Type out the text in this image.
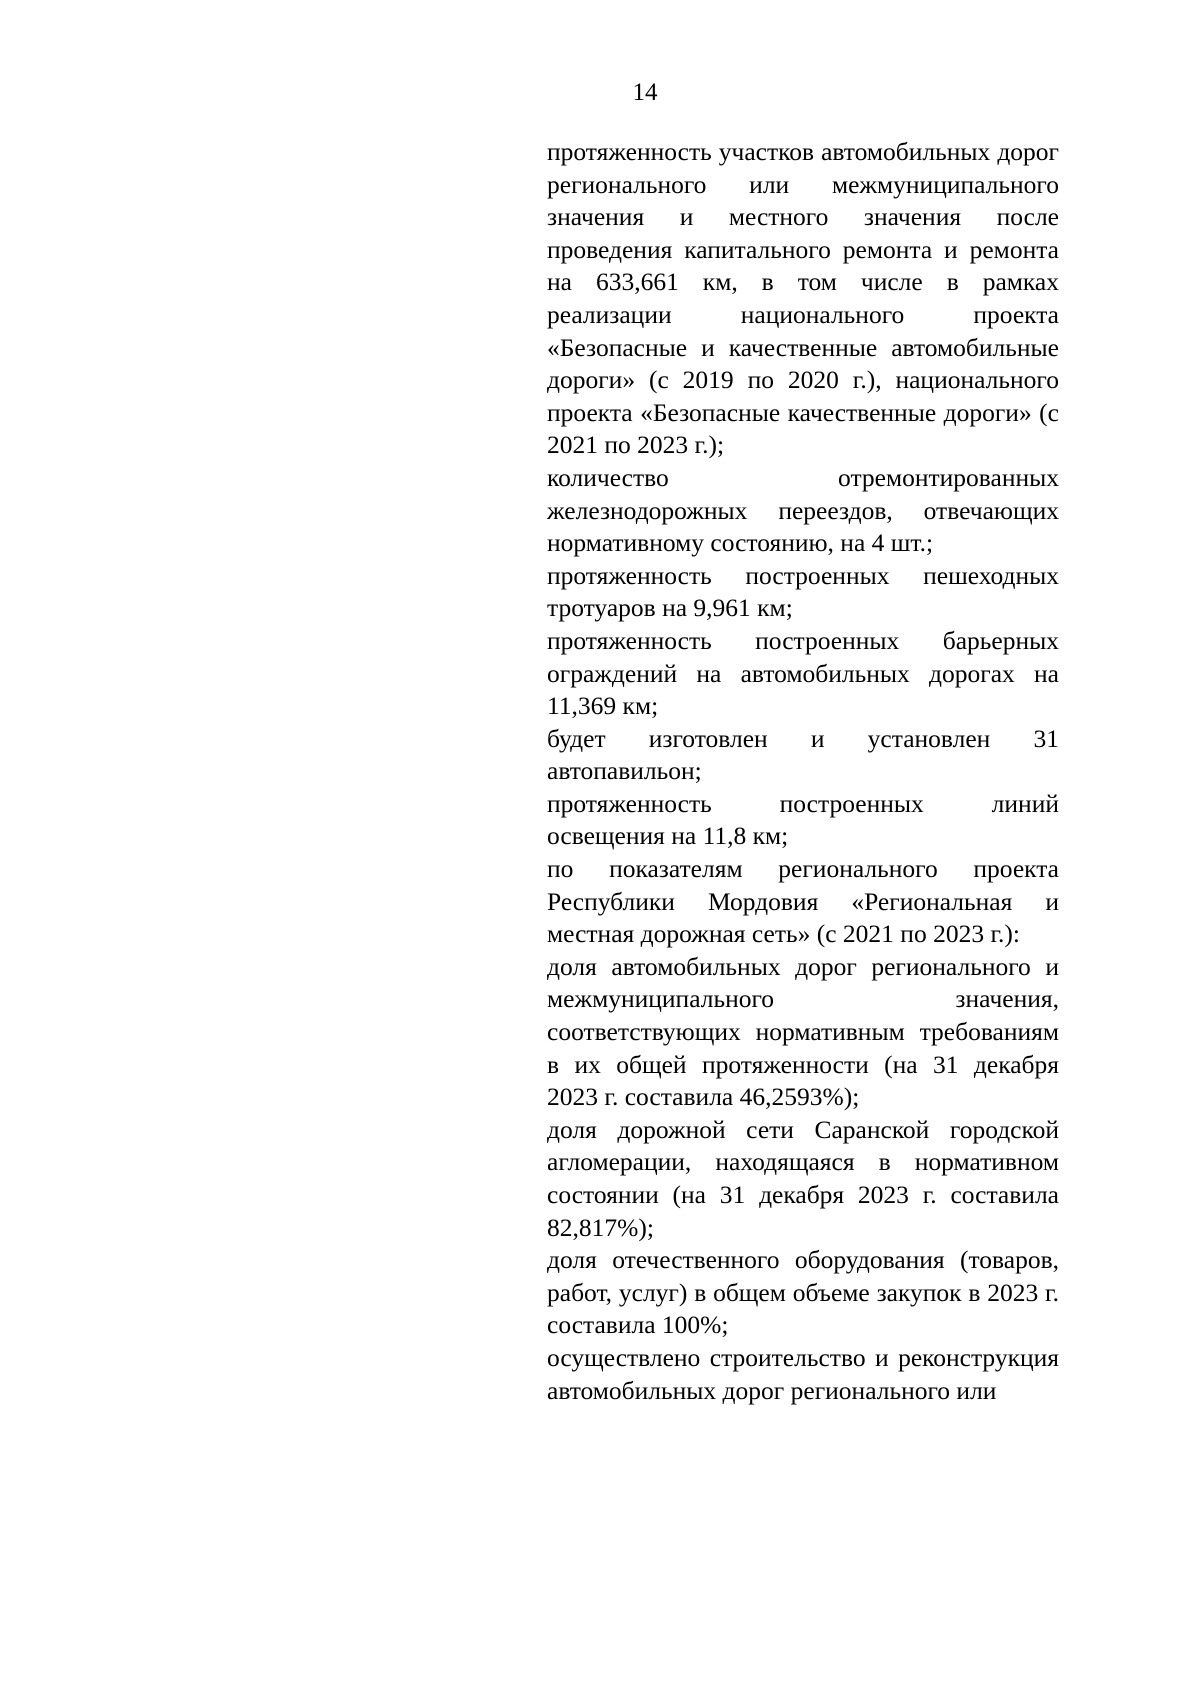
14

протяженность участков автомобильных дорог регионального или межмуниципального значения и местного значения после проведения капитального ремонта и ремонта на 633,661 км, в том числе в рамках реализации национального проекта «Безопасные и качественные автомобильные дороги» (с 2019 по 2020 г.), национального проекта «Безопасные качественные дороги» (с 2021 по 2023 г.);

количество отремонтированных железнодорожных переездов, отвечающих нормативному состоянию, на 4 шт.;

протяженность построенных пешеходных тротуаров на 9,961 км;

протяженность построенных барьерных ограждений на автомобильных дорогах на 11,369 км;

будет изготовлен и установлен 31 автопавильон;

протяженность построенных линий освещения на 11,8 км;

по показателям регионального проекта Республики Мордовия «Региональная и местная дорожная сеть» (с 2021 по 2023 г.):

доля автомобильных дорог регионального и межмуниципального значения, соответствующих нормативным требованиям в их общей протяженности (на 31 декабря 2023 г. составила 46,2593%);

доля дорожной сети Саранской городской агломерации, находящаяся в нормативном состоянии (на 31 декабря 2023 г. составила 82,817%);

доля отечественного оборудования (товаров, работ, услуг) в общем объеме закупок в 2023 г. составила 100%;

осуществлено строительство и реконструкция автомобильных дорог регионального или
